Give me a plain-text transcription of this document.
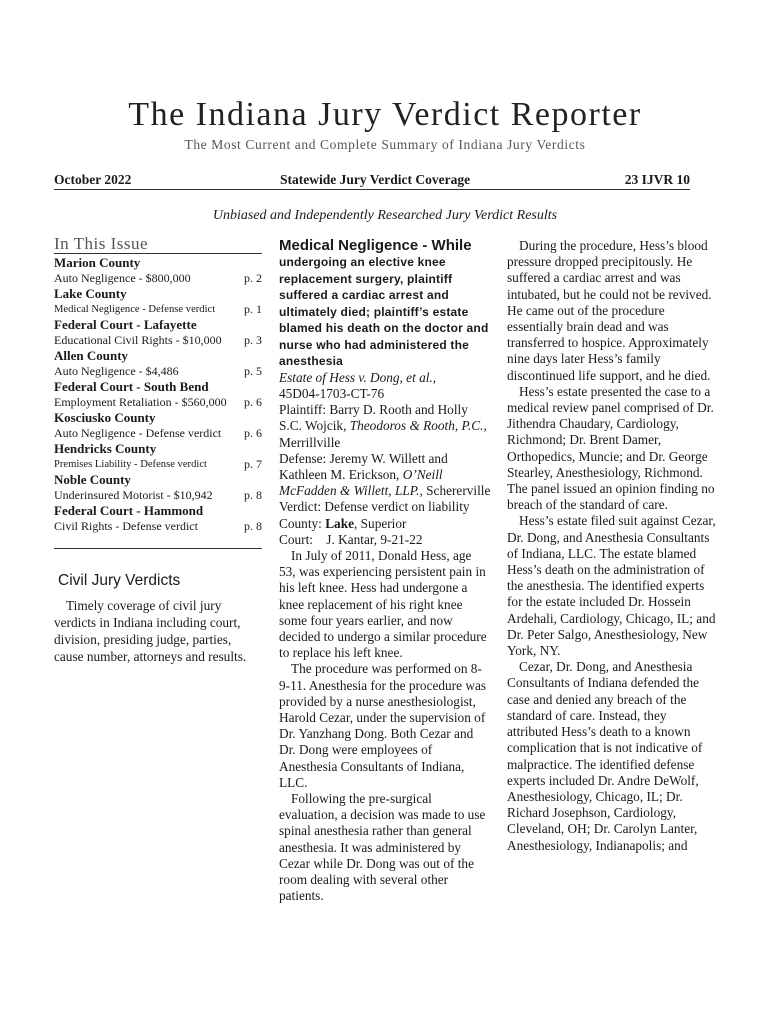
The Indiana Jury Verdict Reporter
The Most Current and Complete Summary of Indiana Jury Verdicts
October 2022	Statewide Jury Verdict Coverage	23 IJVR 10
Unbiased and Independently Researched Jury Verdict Results
In This Issue
Marion County
Auto Negligence - $800,000	p. 2
Lake County
Medical Negligence - Defense verdict p. 1
Federal Court - Lafayette
Educational Civil Rights - $10,000 p. 3
Allen County
Auto Negligence - $4,486	p. 5
Federal Court - South Bend
Employment Retaliation - $560,000 p. 6
Kosciusko County
Auto Negligence - Defense verdict p. 6
Hendricks County
Premises Liability - Defense verdict	p. 7
Noble County
Underinsured Motorist - $10,942	p. 8
Federal Court - Hammond
Civil Rights - Defense verdict	p. 8
Civil Jury Verdicts
Timely coverage of civil jury verdicts in Indiana including court, division, presiding judge, parties, cause number, attorneys and results.
Medical Negligence - While
undergoing an elective knee replacement surgery, plaintiff suffered a cardiac arrest and ultimately died; plaintiff’s estate blamed his death on the doctor and nurse who had administered the anesthesia
Estate of Hess v. Dong, et al.,
45D04-1703-CT-76
Plaintiff: Barry D. Rooth and Holly S.C. Wojcik, Theodoros & Rooth, P.C., Merrillville
Defense: Jeremy W. Willett and Kathleen M. Erickson, O’Neill McFadden & Willett, LLP., Schererville
Verdict: Defense verdict on liability
County: Lake, Superior
Court: J. Kantar, 9-21-22

In July of 2011, Donald Hess, age 53, was experiencing persistent pain in his left knee. Hess had undergone a knee replacement of his right knee some four years earlier, and now decided to undergo a similar procedure to replace his left knee.

The procedure was performed on 8-9-11. Anesthesia for the procedure was provided by a nurse anesthesiologist, Harold Cezar, under the supervision of Dr. Yanzhang Dong. Both Cezar and Dr. Dong were employees of Anesthesia Consultants of Indiana, LLC.

Following the pre-surgical evaluation, a decision was made to use spinal anesthesia rather than general anesthesia. It was administered by Cezar while Dr. Dong was out of the room dealing with several other patients.

During the procedure, Hess’s blood pressure dropped precipitously. He suffered a cardiac arrest and was intubated, but he could not be revived. He came out of the procedure essentially brain dead and was transferred to hospice. Approximately nine days later Hess’s family discontinued life support, and he died.

Hess’s estate presented the case to a medical review panel comprised of Dr. Jithendra Chaudary, Cardiology, Richmond; Dr. Brent Damer, Orthopedics, Muncie; and Dr. George Stearley, Anesthesiology, Richmond. The panel issued an opinion finding no breach of the standard of care.

Hess’s estate filed suit against Cezar, Dr. Dong, and Anesthesia Consultants of Indiana, LLC. The estate blamed Hess’s death on the administration of the anesthesia. The identified experts for the estate included Dr. Hossein Ardehali, Cardiology, Chicago, IL; and Dr. Peter Salgo, Anesthesiology, New York, NY.

Cezar, Dr. Dong, and Anesthesia Consultants of Indiana defended the case and denied any breach of the standard of care. Instead, they attributed Hess’s death to a known complication that is not indicative of malpractice. The identified defense experts included Dr. Andre DeWolf, Anesthesiology, Chicago, IL; Dr. Richard Josephson, Cardiology, Cleveland, OH; Dr. Carolyn Lanter, Anesthesiology, Indianapolis; and
